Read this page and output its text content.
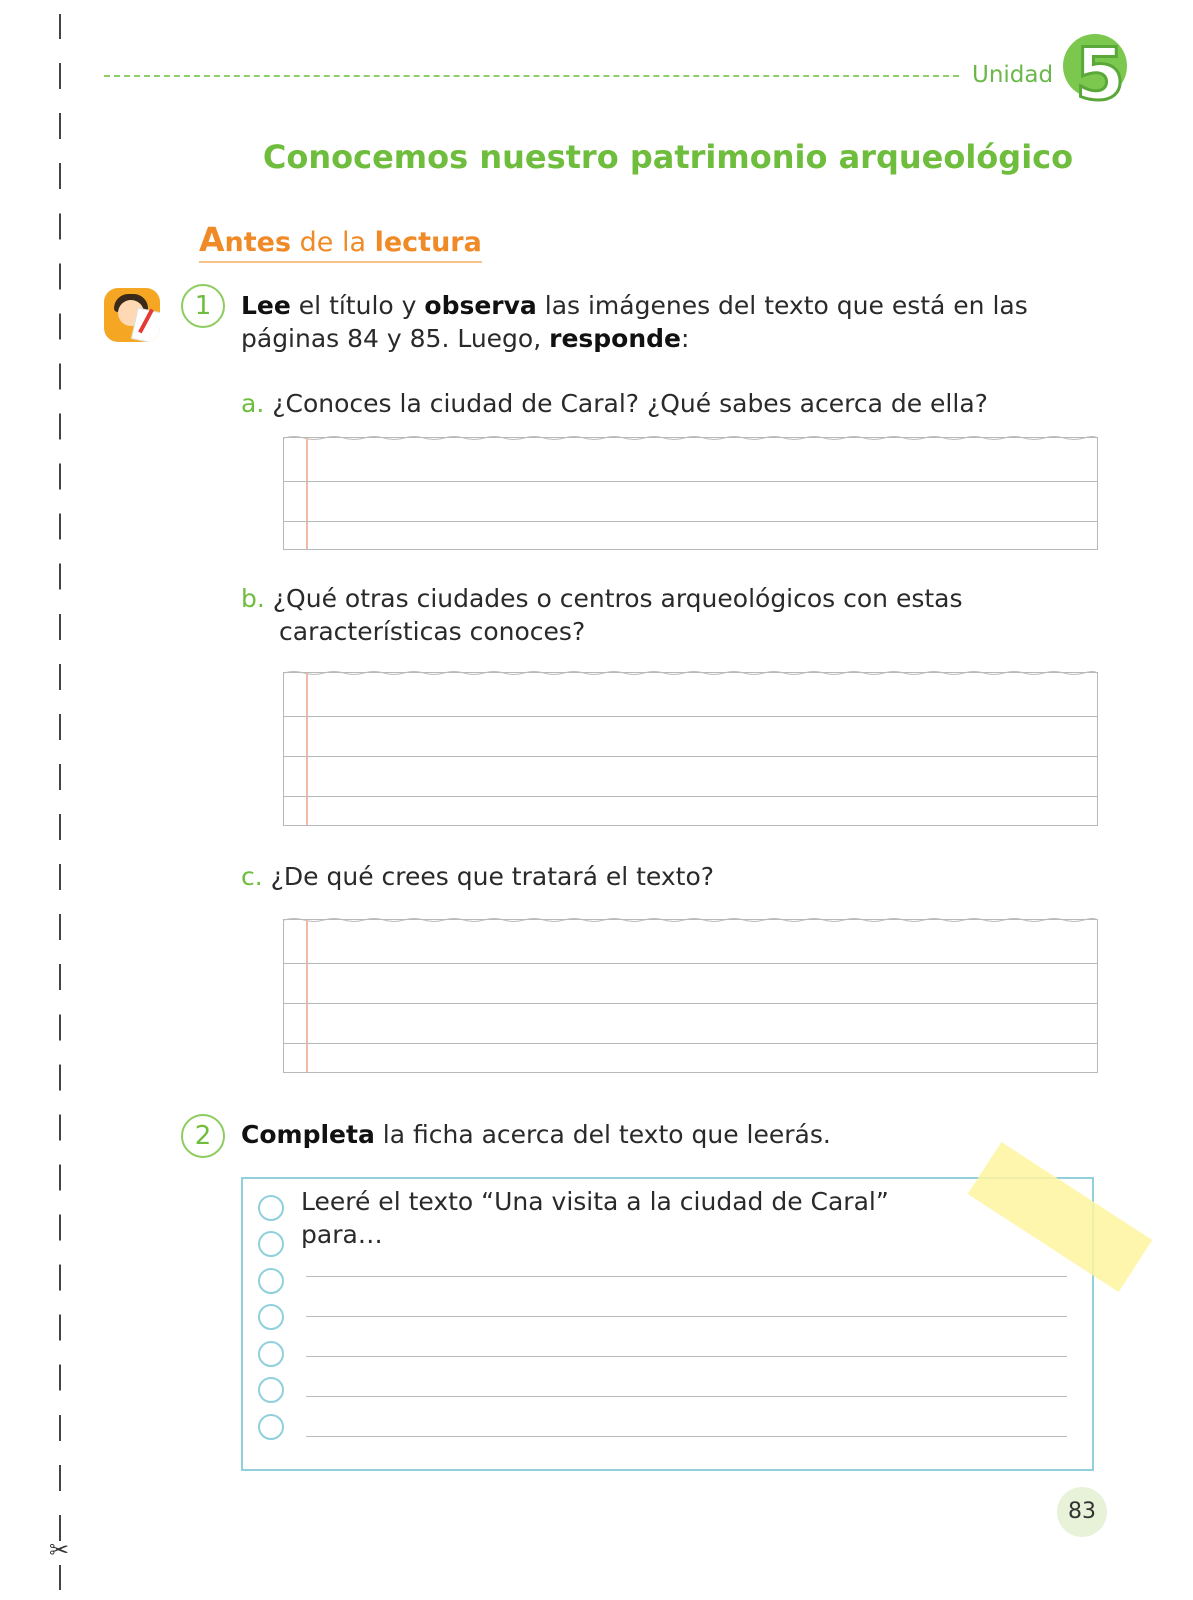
✂
Unidad 5
Conocemos nuestro patrimonio arqueológico
Antes de la lectura
1	Lee el título y observa las imágenes del texto que está en las páginas 84 y 85. Luego, responde:
a. ¿Conoces la ciudad de Caral? ¿Qué sabes acerca de ella?
b. ¿Qué otras ciudades o centros arqueológicos con estas características conoces?
c. ¿De qué crees que tratará el texto?
2	Completa la ficha acerca del texto que leerás.
Leeré el texto “Una visita a la ciudad de Caral” para…
83
